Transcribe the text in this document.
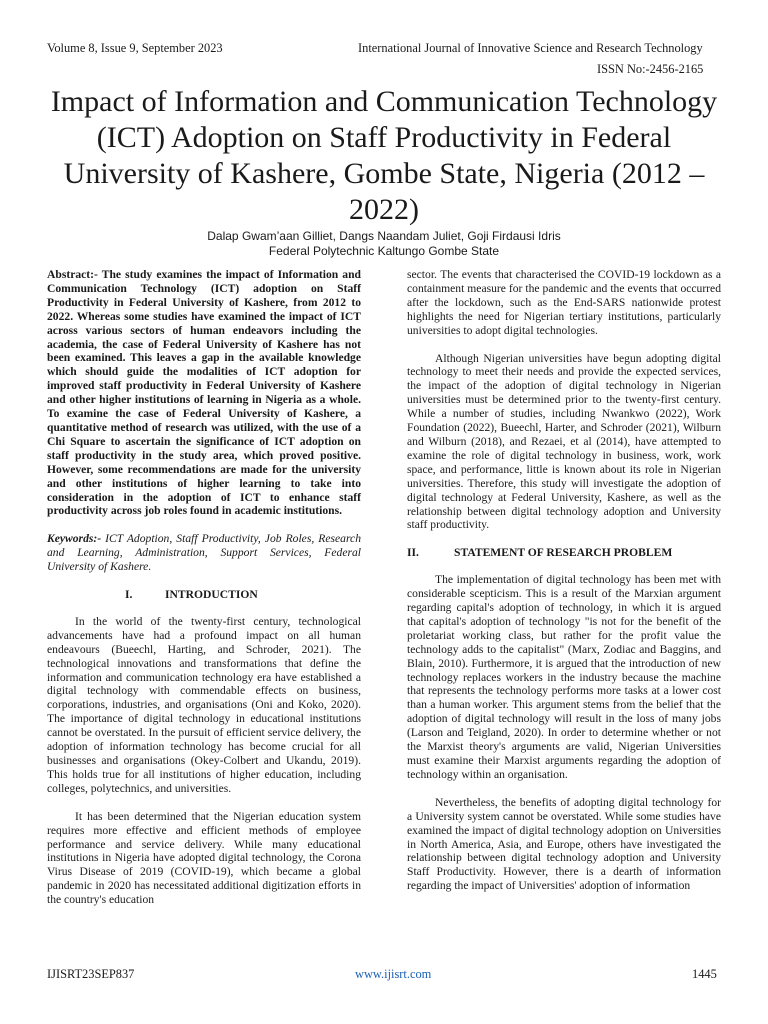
Volume 8, Issue 9, September 2023	International Journal of Innovative Science and Research Technology
ISSN No:-2456-2165
Impact of Information and Communication Technology (ICT) Adoption on Staff Productivity in Federal University of Kashere, Gombe State, Nigeria (2012 – 2022)
Dalap Gwam’aan Gilliet, Dangs Naandam Juliet, Goji Firdausi Idris
Federal Polytechnic Kaltungo Gombe State

Abstract:- The study examines the impact of Information and Communication Technology (ICT) adoption on Staff Productivity in Federal University of Kashere, from 2012 to 2022. Whereas some studies have examined the impact of ICT across various sectors of human endeavors including the academia, the case of Federal University of Kashere has not been examined. This leaves a gap in the available knowledge which should guide the modalities of ICT adoption for improved staff productivity in Federal University of Kashere and other higher institutions of learning in Nigeria as a whole. To examine the case of Federal University of Kashere, a quantitative method of research was utilized, with the use of a Chi Square to ascertain the significance of ICT adoption on staff productivity in the study area, which proved positive. However, some recommendations are made for the university and other institutions of higher learning to take into consideration in the adoption of ICT to enhance staff productivity across job roles found in academic institutions.

Keywords:- ICT Adoption, Staff Productivity, Job Roles, Research and Learning, Administration, Support Services, Federal University of Kashere.

I.	INTRODUCTION

In the world of the twenty-first century, technological advancements have had a profound impact on all human endeavours (Bueechl, Harting, and Schroder, 2021). The technological innovations and transformations that define the information and communication technology era have established a digital technology with commendable effects on business, corporations, industries, and organisations (Oni and Koko, 2020). The importance of digital technology in educational institutions cannot be overstated. In the pursuit of efficient service delivery, the adoption of information technology has become crucial for all businesses and organisations (Okey-Colbert and Ukandu, 2019). This holds true for all institutions of higher education, including colleges, polytechnics, and universities.

It has been determined that the Nigerian education system requires more effective and efficient methods of employee performance and service delivery. While many educational institutions in Nigeria have adopted digital technology, the Corona Virus Disease of 2019 (COVID-19), which became a global pandemic in 2020 has necessitated additional digitization efforts in the country's education

sector. The events that characterised the COVID-19 lockdown as a containment measure for the pandemic and the events that occurred after the lockdown, such as the End-SARS nationwide protest highlights the need for Nigerian tertiary institutions, particularly universities to adopt digital technologies.

Although Nigerian universities have begun adopting digital technology to meet their needs and provide the expected services, the impact of the adoption of digital technology in Nigerian universities must be determined prior to the twenty-first century. While a number of studies, including Nwankwo (2022), Work Foundation (2022), Bueechl, Harter, and Schroder (2021), Wilburn and Wilburn (2018), and Rezaei, et al (2014), have attempted to examine the role of digital technology in business, work, work space, and performance, little is known about its role in Nigerian universities. Therefore, this study will investigate the adoption of digital technology at Federal University, Kashere, as well as the relationship between digital technology adoption and University staff productivity.

II.	STATEMENT OF RESEARCH PROBLEM

The implementation of digital technology has been met with considerable scepticism. This is a result of the Marxian argument regarding capital's adoption of technology, in which it is argued that capital's adoption of technology "is not for the benefit of the proletariat working class, but rather for the profit value the technology adds to the capitalist" (Marx, Zodiac and Baggins, and Blain, 2010). Furthermore, it is argued that the introduction of new technology replaces workers in the industry because the machine that represents the technology performs more tasks at a lower cost than a human worker. This argument stems from the belief that the adoption of digital technology will result in the loss of many jobs (Larson and Teigland, 2020). In order to determine whether or not the Marxist theory's arguments are valid, Nigerian Universities must examine their Marxist arguments regarding the adoption of technology within an organisation.

Nevertheless, the benefits of adopting digital technology for a University system cannot be overstated. While some studies have examined the impact of digital technology adoption on Universities in North America, Asia, and Europe, others have investigated the relationship between digital technology adoption and University Staff Productivity. However, there is a dearth of information regarding the impact of Universities' adoption of information

IJISRT23SEP837	www.ijisrt.com	1445
